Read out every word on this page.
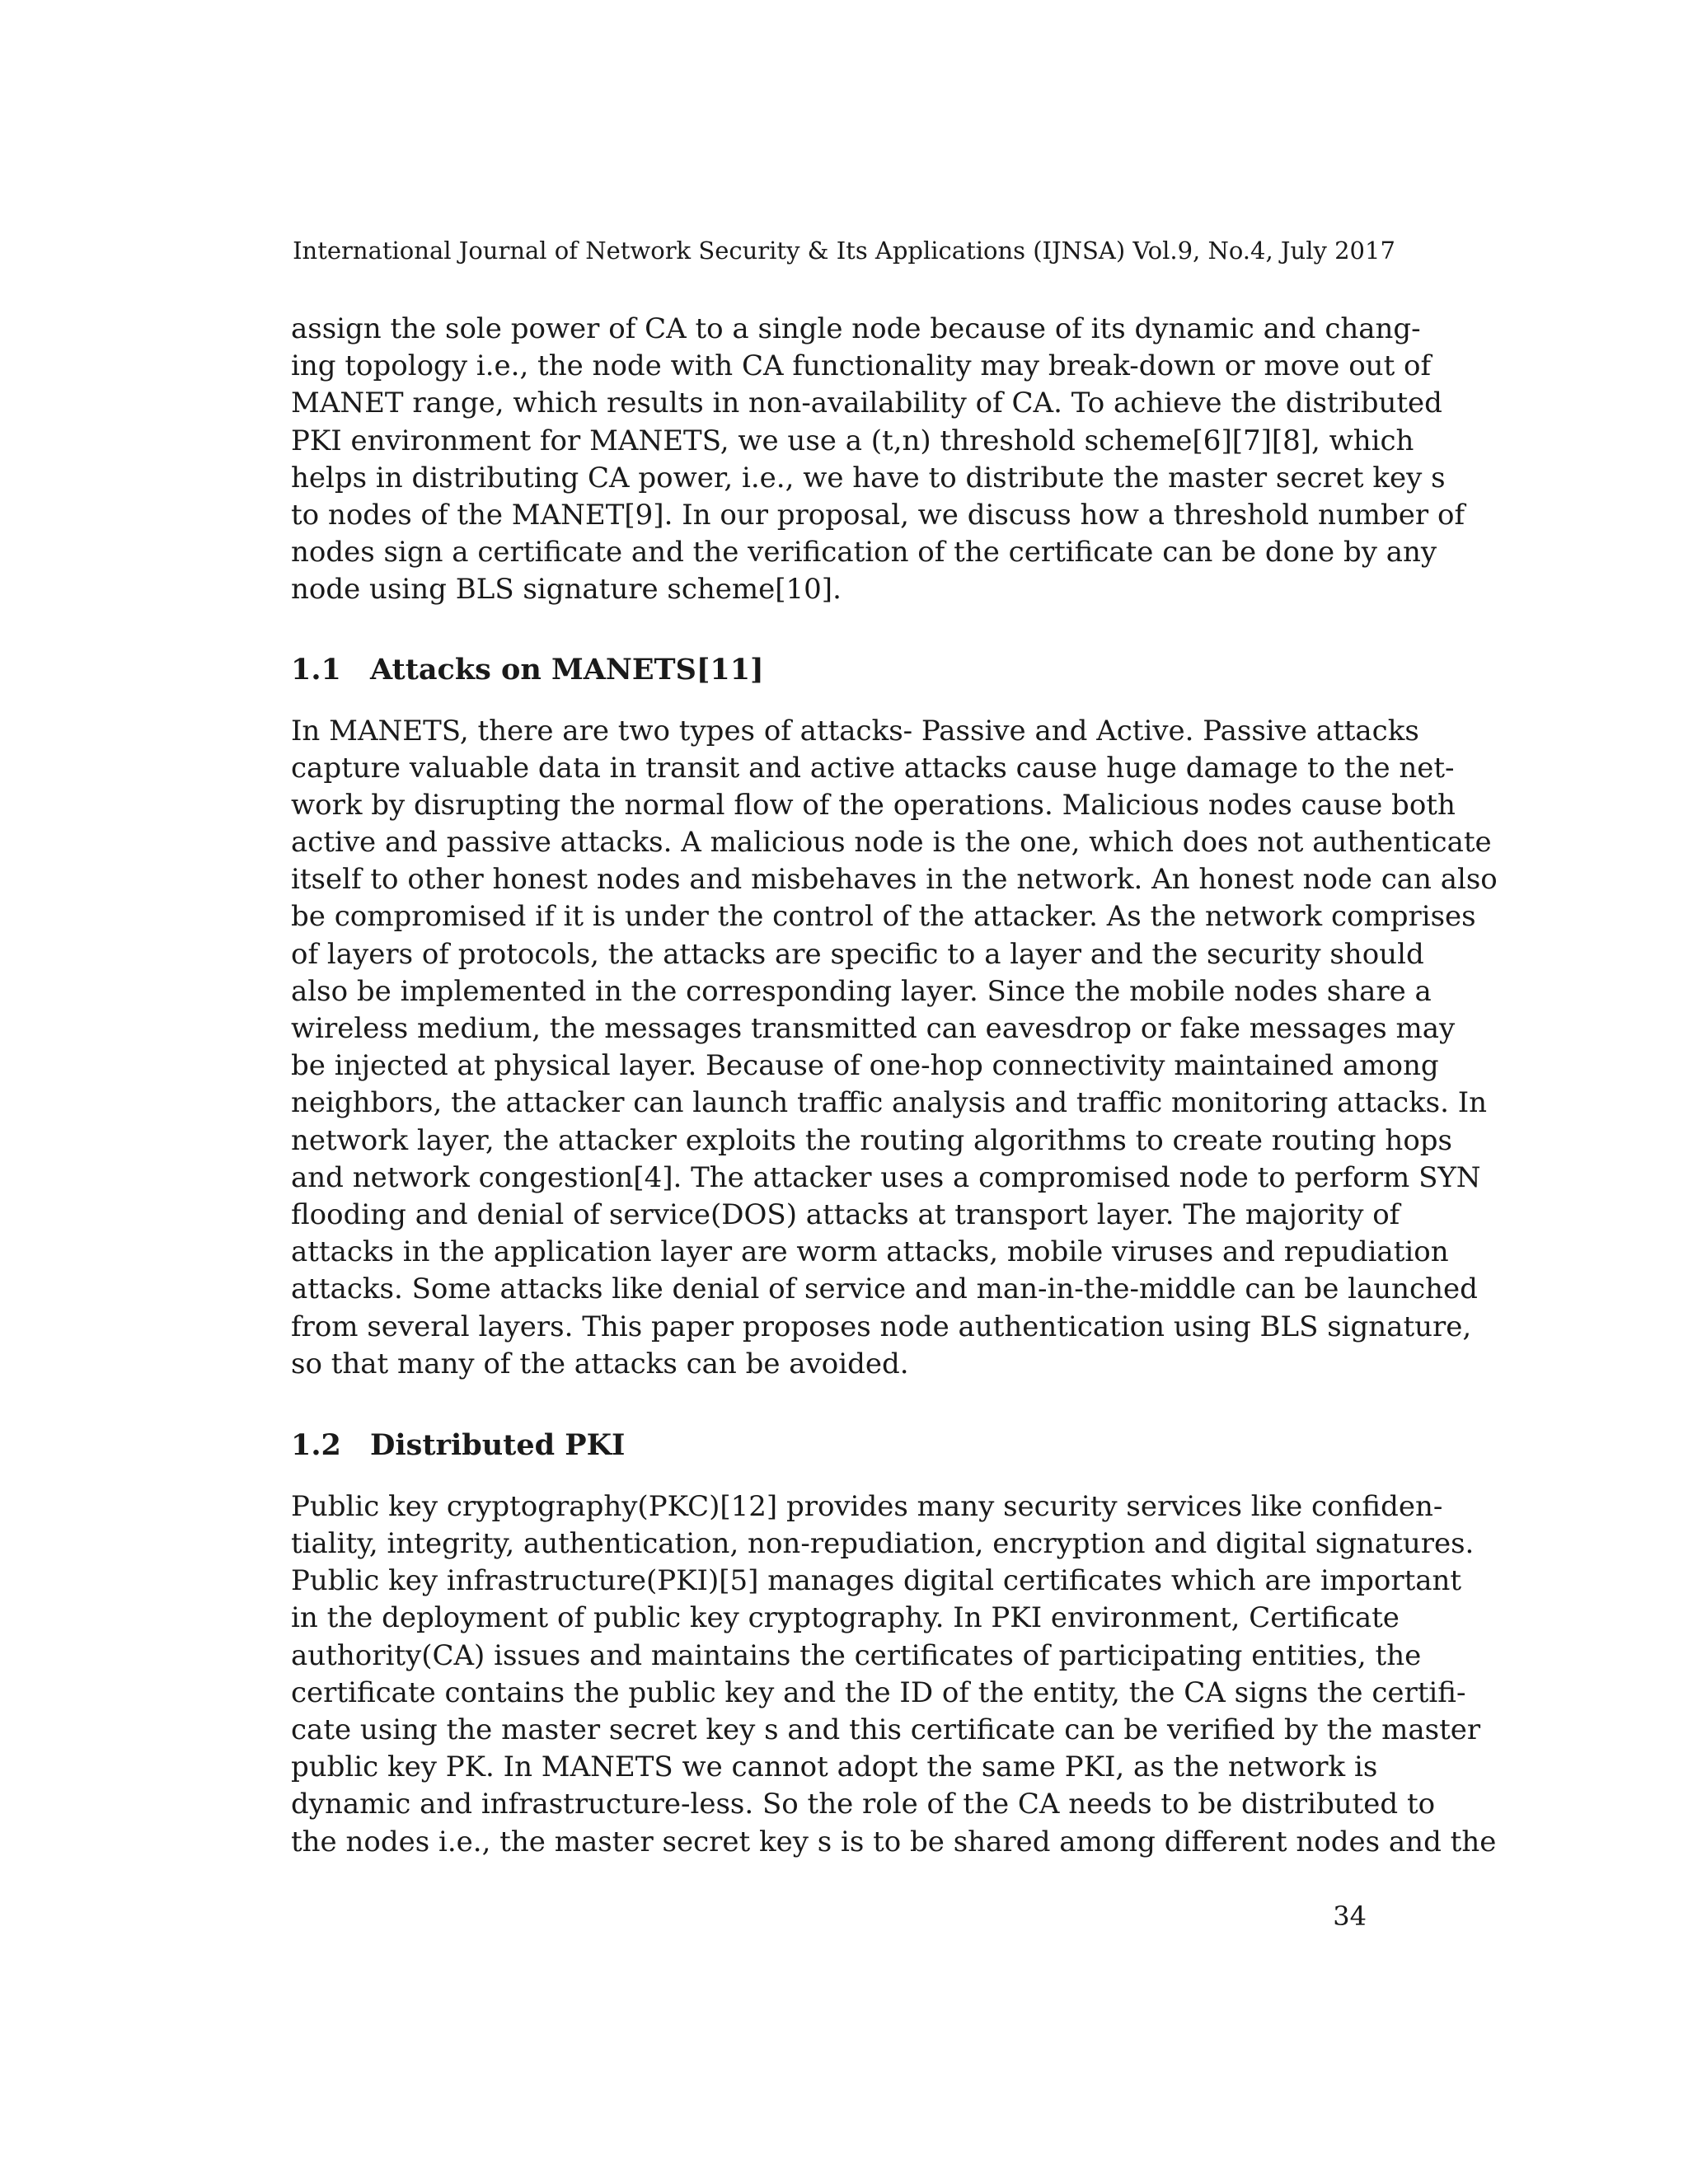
International Journal of Network Security & Its Applications (IJNSA) Vol.9, No.4, July 2017

assign the sole power of CA to a single node because of its dynamic and chang-
ing topology i.e., the node with CA functionality may break-down or move out of
MANET range, which results in non-availability of CA. To achieve the distributed
PKI environment for MANETS, we use a (t,n) threshold scheme[6][7][8], which
helps in distributing CA power, i.e., we have to distribute the master secret key s
to nodes of the MANET[9]. In our proposal, we discuss how a threshold number of
nodes sign a certificate and the verification of the certificate can be done by any
node using BLS signature scheme[10].

1.1 Attacks on MANETS[11]

In MANETS, there are two types of attacks- Passive and Active. Passive attacks
capture valuable data in transit and active attacks cause huge damage to the net-
work by disrupting the normal flow of the operations. Malicious nodes cause both
active and passive attacks. A malicious node is the one, which does not authenticate
itself to other honest nodes and misbehaves in the network. An honest node can also
be compromised if it is under the control of the attacker. As the network comprises
of layers of protocols, the attacks are specific to a layer and the security should
also be implemented in the corresponding layer. Since the mobile nodes share a
wireless medium, the messages transmitted can eavesdrop or fake messages may
be injected at physical layer. Because of one-hop connectivity maintained among
neighbors, the attacker can launch traffic analysis and traffic monitoring attacks. In
network layer, the attacker exploits the routing algorithms to create routing hops
and network congestion[4]. The attacker uses a compromised node to perform SYN
flooding and denial of service(DOS) attacks at transport layer. The majority of
attacks in the application layer are worm attacks, mobile viruses and repudiation
attacks. Some attacks like denial of service and man-in-the-middle can be launched
from several layers. This paper proposes node authentication using BLS signature,
so that many of the attacks can be avoided.

1.2 Distributed PKI

Public key cryptography(PKC)[12] provides many security services like confiden-
tiality, integrity, authentication, non-repudiation, encryption and digital signatures.
Public key infrastructure(PKI)[5] manages digital certificates which are important
in the deployment of public key cryptography. In PKI environment, Certificate
authority(CA) issues and maintains the certificates of participating entities, the
certificate contains the public key and the ID of the entity, the CA signs the certifi-
cate using the master secret key s and this certificate can be verified by the master
public key PK. In MANETS we cannot adopt the same PKI, as the network is
dynamic and infrastructure-less. So the role of the CA needs to be distributed to
the nodes i.e., the master secret key s is to be shared among different nodes and the

34
